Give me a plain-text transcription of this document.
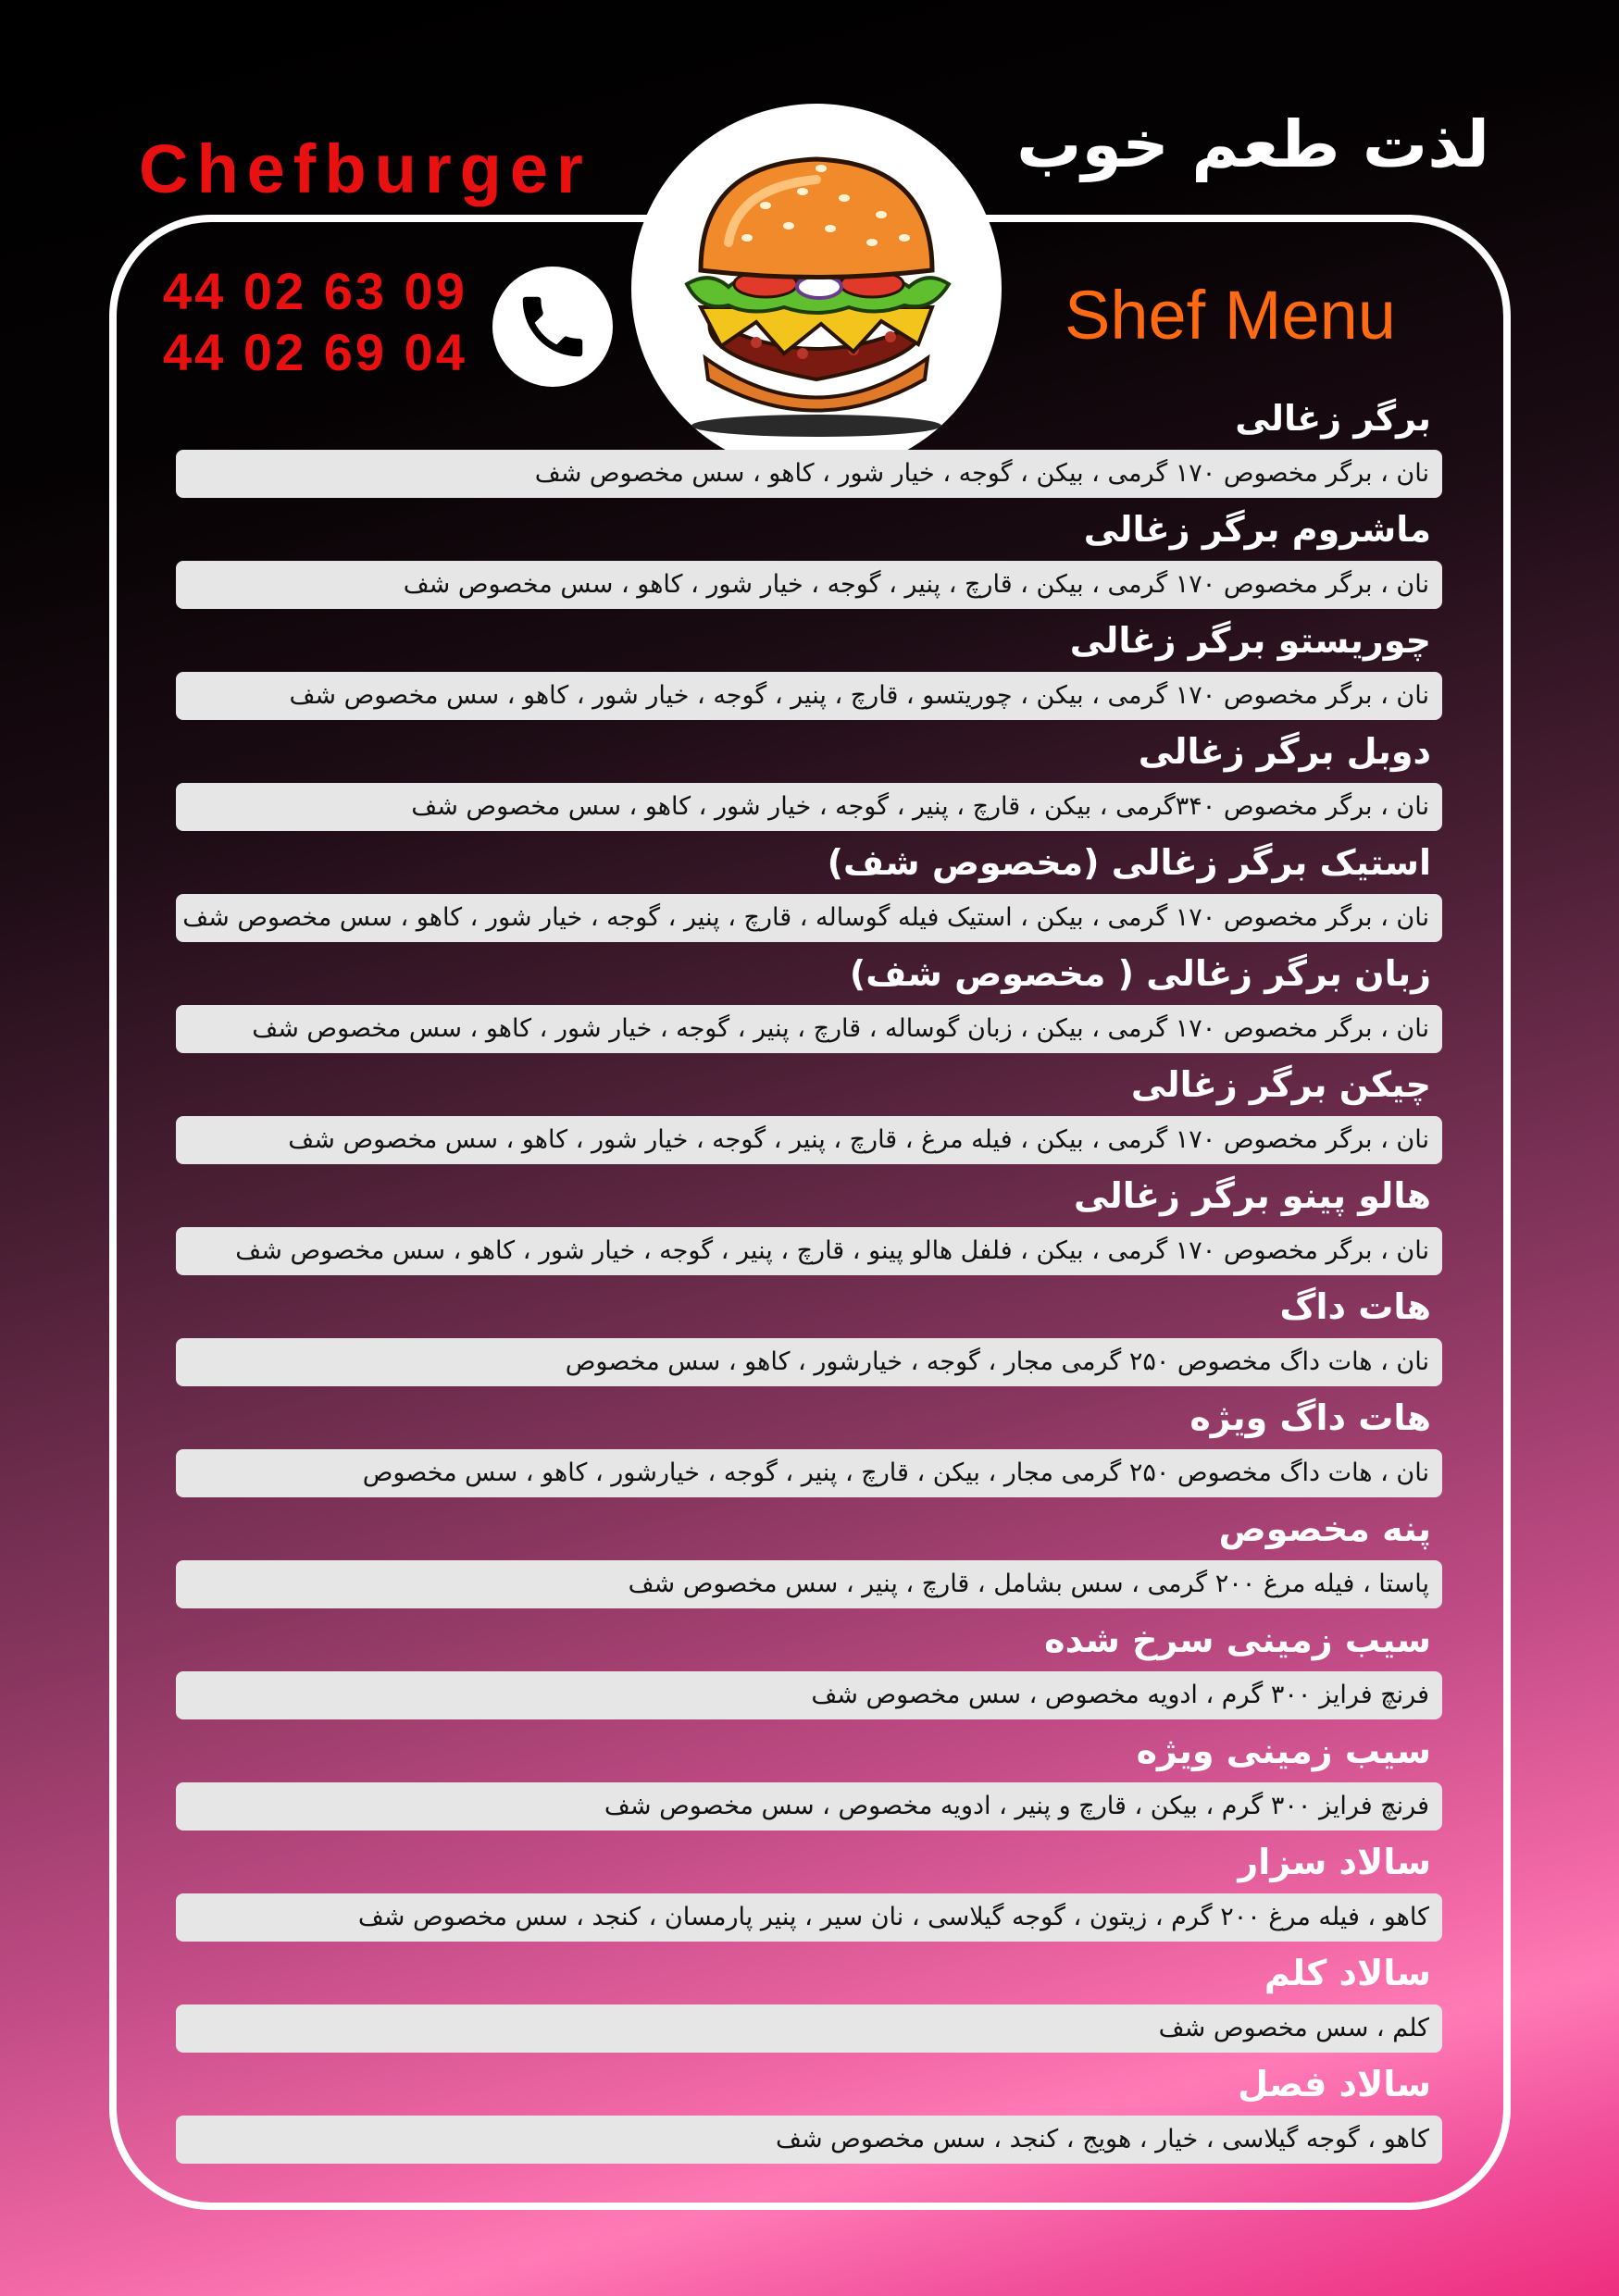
Chefburger	لذت طعم خوب
44 02 63 09
44 02 69 04	Shef Menu
برگر زغالی
نان ، برگر مخصوص ۱۷۰ گرمی ، بیکن ، گوجه ، خیار شور ، کاهو ، سس مخصوص شف
ماشروم برگر زغالی
نان ، برگر مخصوص ۱۷۰ گرمی ، بیکن ، قارچ ، پنیر ، گوجه ، خیار شور ، کاهو ، سس مخصوص شف
چوریستو برگر زغالی
نان ، برگر مخصوص ۱۷۰ گرمی ، بیکن ، چوریتسو ، قارچ ، پنیر ، گوجه ، خیار شور ، کاهو ، سس مخصوص شف
دوبل برگر زغالی
نان ، برگر مخصوص ۳۴۰گرمی ، بیکن ، قارچ ، پنیر ، گوجه ، خیار شور ، کاهو ، سس مخصوص شف
استیک برگر زغالی (مخصوص شف)
نان ، برگر مخصوص ۱۷۰ گرمی ، بیکن ، استیک فیله گوساله ، قارچ ، پنیر ، گوجه ، خیار شور ، کاهو ، سس مخصوص شف
زبان برگر زغالی ( مخصوص شف)
نان ، برگر مخصوص ۱۷۰ گرمی ، بیکن ، زبان گوساله ، قارچ ، پنیر ، گوجه ، خیار شور ، کاهو ، سس مخصوص شف
چیکن برگر زغالی
نان ، برگر مخصوص ۱۷۰ گرمی ، بیکن ، فیله مرغ ، قارچ ، پنیر ، گوجه ، خیار شور ، کاهو ، سس مخصوص شف
هالو پینو برگر زغالی
نان ، برگر مخصوص ۱۷۰ گرمی ، بیکن ، فلفل هالو پینو ، قارچ ، پنیر ، گوجه ، خیار شور ، کاهو ، سس مخصوص شف
هات داگ
نان ، هات داگ مخصوص ۲۵۰ گرمی مجار ، گوجه ، خیارشور ، کاهو ، سس مخصوص
هات داگ ویژه
نان ، هات داگ مخصوص ۲۵۰ گرمی مجار ، بیکن ، قارچ ، پنیر ، گوجه ، خیارشور ، کاهو ، سس مخصوص
پنه مخصوص
پاستا ، فیله مرغ ۲۰۰ گرمی ، سس بشامل ، قارچ ، پنیر ، سس مخصوص شف
سیب زمینی سرخ شده
فرنچ فرایز ۳۰۰ گرم ، ادویه مخصوص ، سس مخصوص شف
سیب زمینی ویژه
فرنچ فرایز ۳۰۰ گرم ، بیکن ، قارچ و پنیر ، ادویه مخصوص ، سس مخصوص شف
سالاد سزار
کاهو ، فیله مرغ ۲۰۰ گرم ، زیتون ، گوجه گیلاسی ، نان سیر ، پنیر پارمسان ، کنجد ، سس مخصوص شف
سالاد کلم
کلم ، سس مخصوص شف
سالاد فصل
کاهو ، گوجه گیلاسی ، خیار ، هویج ، کنجد ، سس مخصوص شف
